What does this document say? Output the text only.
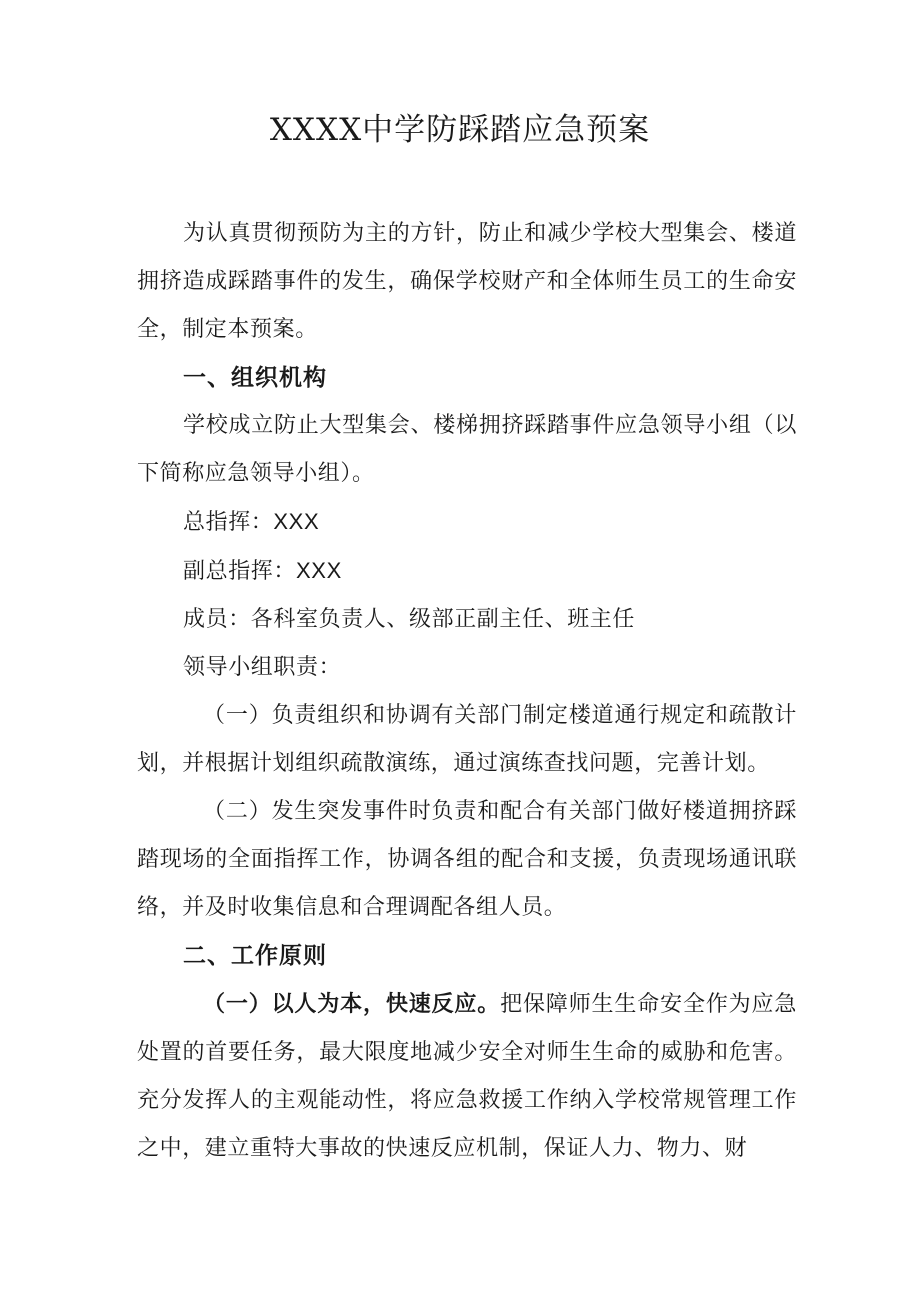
XXXX中学防踩踏应急预案

为认真贯彻预防为主的方针，防止和减少学校大型集会、楼道拥挤造成踩踏事件的发生，确保学校财产和全体师生员工的生命安全，制定本预案。

一、组织机构

学校成立防止大型集会、楼梯拥挤踩踏事件应急领导小组（以下简称应急领导小组）。

总指挥：XXX

副总指挥：XXX

成员：各科室负责人、级部正副主任、班主任

领导小组职责：

（一）负责组织和协调有关部门制定楼道通行规定和疏散计划，并根据计划组织疏散演练，通过演练查找问题，完善计划。

（二）发生突发事件时负责和配合有关部门做好楼道拥挤踩踏现场的全面指挥工作，协调各组的配合和支援，负责现场通讯联络，并及时收集信息和合理调配各组人员。

二、工作原则

（一）以人为本，快速反应。把保障师生生命安全作为应急处置的首要任务，最大限度地减少安全对师生生命的威胁和危害。充分发挥人的主观能动性，将应急救援工作纳入学校常规管理工作之中，建立重特大事故的快速反应机制，保证人力、物力、财
